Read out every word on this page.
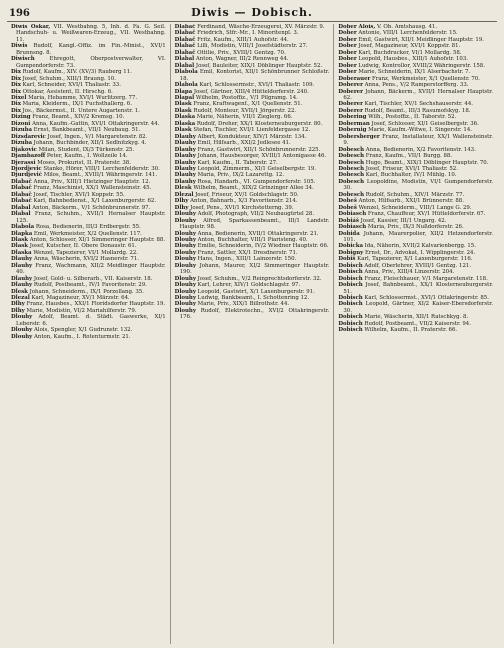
196	Diwis — Dobisch.

Diwis Oskar, VII. Westbahng. 5, Inh. d. Fa. G. Seil. Handschuh- u. Weißwaren-Erzeug., VII. Westbahng. 11.

Diwis Rudolf, Kangl.-Offiz. im Fin.-Minist., XVI/1 Brunnsng. 8.

Diwisch Ehregott, Oberpostverwalter, VI. Gumpendorferstr. 73.

Dix Rudolf, Kaufm., XIV. (XV/3) Rauberg 11.

Dix Josef, Schuhm., XIII/1 Braung. 10.

Dix Karl, Schneider, XVI/1 Thaliastr. 33.

Dix Ottokar, Assistent, II. Hirschg. 6.

Dixel Maria, Hebamme, XVI/1 Wurlitzerg. 77.

Dix Maria, Kleiderm., IX/1 Fuchsthallerg. 6.

Dix Jos., Bäckermst., II. Untere Augartenstr. 1.

Dizing Franz, Beamt., XIV/2 Kremsg. 10.

Dizoni Anna, Kaufm.-Gattin, XVI/1 Ottakringerstr. 44.

Dizuba Ernst, Bankbeamt., VII/1 Neubaug. 51.

Dizsdarevic Josef, Ingen., V/1 Margaretenstr. 82.

Dizuba Johann, Buchbinder, XII/1 Sedlnitzkyg. 4.

Djakovic Milan, Student, IX/3 Türkenstr. 25.

Djambazoff Peter, Kaufm., I. Wollzeile 14.

Djerassi Moses, Prokurist, II. Praterstr. 38.

Djordjevic Stanko, Hörer, VIII/1 Lerchenfelderstr. 30.

Djurdjević Milos, Beamt., XVIII/1 Währingerstr. 141.

Dlabač Anna, Priv., XIII/1 Hietzinger Hauptstr. 12.

Dlabač Franz, Maschinist, XX/1 Wallensteinstr. 45.

Dlabač Josef, Tischler, XVI/1 Koppstr. 55.

Dlabač Karl, Bahnbedienst., X/1 Laxenburgerstr. 62.

Dlabal Anton, Bäckerm., V/1 Schönbrunnerstr. 97.

Dlabal Franz, Schuhm., XVII/1 Hernalser Hauptstr. 125.

Dlabola Rosa, Bedienerin, III/3 Erdbergstr. 55.

Dlapka Emil, Werkmeister, X/2 Quellenstr. 117.

Dlask Anton, Schlosser, XI/1 Simmeringer Hauptstr. 88.

Dlask Josef, Kutscher, II. Obere Donaustr. 61.

Dlaska Wenzel, Tapezierer, VI/1 Mollardg. 22.

Dlauhy Anna, Wäscherin, XVI/2 Hasnerstr. 71.

Dlauhy Franz, Wachmann, XII/2 Meidlinger Hauptstr. 40.

Dlauhy Josef, Gold- u. Silberarb., VII. Kaiserstr. 18.

Dlauhy Rudolf, Postbeamt., IV/1 Favoritenstr. 29.

Dlesk Johann, Schneiderm., IX/1 Porzellang. 35.

Dlezal Karl, Magazineur, XV/1 Märzstr. 64.

Dlhy Franz, Hausbes., XXI/1 Floridsdorfer Hauptstr. 19.

Dlhy Marie, Modistin, VI/2 Mariahilferstr. 79.

Dlouhy Adolf, Beamt. d. Städt. Gaswerke, XI/1 Leberstr. 6.

Dlouhy Alois, Spengler, X/1 Gudrunstr. 132.

Dlouhy Anton, Kaufm., I. Rotenturmstr. 21.

Dlabač Ferdinand, Wäsche-Erzeugerei, XV. Märzstr. 9.

Dlabač Friedrich, Stfr.-Mr., I. Minoritenpl. 3.

Dlabač Fritz, Kaufm., XIII/1 Auhofstr. 44.

Dlabač Lilli, Modistin, VIII/1 Josefstädterstr. 27.

Dlabač Ottilie, Priv., XVIII/1 Gentzg. 70.

Dlabal Anton, Wagner, III/2 Rennweg 44.

Dlabal Josef, Bauleiter, XIX/1 Döblinger Hauptstr. 52.

Dlabola Emil, Kontorist, XII/1 Schönbrunner Schloßstr. 18.

Dlabola Karl, Schlossermstr., XVI/1 Thaliastr. 109.

Dlapa Josef, Gärtner, XIII/4 Hütteldorferstr. 240.

Dlapal Wilhelm, Postoffiz., V/1 Pilgramg. 14.

Dlask Franz, Kraftwagenf., X/1 Quellenstr. 51.

Dlask Rudolf, Monteur, XVII/1 Jörgerstr. 22.

Dlaska Marie, Näherin, VII/1 Zieglerg. 66.

Dlaska Rudolf, Dreher, XX/1 Klosterneuburgerstr. 80.

Dlask Stefan, Tischler, XVI/1 Lienfeldergasse 12.

Dlauhy Albert, Kondukteur, XIV/1 Märzstr. 134.

Dlauhy Emil, Hilfsarb., XXI/2 Jedlesee 41.

Dlauhy Franz, Gastwirt, XII/1 Schönbrunnerstr. 225.

Dlauhy Johann, Hausbesorger, XVIII/1 Antonigasse 46.

Dlauhy Karl, Kaufm., II. Taborstr. 27.

Dlauhy Leopold, Zimmerm., XI/1 Geiselbergstr. 19.

Dlauhy Maria, Priv., IX/2 Lazarettg. 12.

Dlauhy Rosa, Handarb., VI. Gumpendorferstr. 105.

Dlesk Wilhelm, Beamt., XIX/2 Grinzinger Allee 34.

Dlezal Josef, Friseur, XV/1 Goldschlagstr. 50.

Dlhy Anton, Bahnarb., X/3 Favoritenstr. 214.

Dlhy Josef, Pens., XVI/1 Kirchstetterng. 39.

Dlouhy Adolf, Photograph, VII/2 Neubaugürtel 28.

Dlouhy Alfred, Sparkassenbeamt., III/1 Landstr. Hauptstr. 98.

Dlouhy Anna, Bedienerin, XVII/1 Ottakringerstr. 21.

Dlouhy Anton, Buchhalter, VIII/1 Piaristeng. 40.

Dlouhy Emilie, Schneiderin, IV/2 Wiedner Hauptstr. 66.

Dlouhy Franz, Sattler, XX/1 Dresdnerstr. 71.

Dlouhy Hans, Ingen., XIII/1 Lainzerstr. 150.

Dlouhy Johann, Maurer, XI/2 Simmeringer Hauptstr. 190.

Dlouhy Josef, Schuhm., V/2 Reinprechtsdorferstr. 32.

Dlouhy Karl, Lehrer, XIV/1 Goldschlagstr. 97.

Dlouhy Leopold, Gastwirt, X/1 Laxenburgerstr. 91.

Dlouhy Ludwig, Bankbeamt., I. Schottenring 12.

Dlouhy Marie, Priv., XIX/1 Billrothstr. 44.

Dlouhy Rudolf, Elektrotechn., XVI/2 Ottakringerstr. 176.

Dober Alois, V. Ob. Amtshausg. 41.

Dober Antonie, VIII/1 Lerchenfelderstr. 15.

Dober Emil, Gastwirt, XII/1 Meidlinger Hauptstr. 19.

Dober Josef, Magazineur, XVI/1 Koppstr. 81.

Dober Karl, Buchdrucker, VI/1 Mollardg. 58.

Dober Leopold, Hausbes., XIII/1 Auhofstr. 103.

Dober Ludwig, Kontrollor, XVIII/2 Währingerstr. 158.

Dober Marie, Schneiderin, IX/1 Alserbachstr. 7.

Doberauer Franz, Werkmeister, X/1 Quellenstr. 70.

Doberer Anna, Pens., V/2 Ramperstorfferg. 33.

Doberer Johann, Bäckerm., XVII/1 Hernalser Hauptstr. 62.

Doberer Karl, Tischler, XV/1 Sechshauserstr. 44.

Doberer Rudolf, Beamt., III/3 Rasumofskyg. 18.

Dobering Wilh., Postoffiz., II. Taborstr. 52.

Doberman Josef, Schlosser, XI/1 Geiselbergstr. 36.

Dobernig Marie, Kaufm.-Witwe, I. Singerstr. 14.

Dobersberger Franz, Installateur, XX/1 Wallensteinstr. 9.

Dobesch Anna, Bedienerin, X/2 Favoritenstr. 143.

Dobesch Franz, Kaufm., VII/1 Burgg. 88.

Dobesch Hugo, Beamt., XIX/1 Döblinger Hauptstr. 70.

Dobesch Josef, Friseur, XVI/1 Thaliastr. 52.

Dobesch Karl, Buchhalter, IV/1 Mühlg. 10.

Dobesch Leopoldine, Modistin, VI/1 Gumpendorferstr. 30.

Dobesch Rudolf, Schuhm., XIV/1 Märzstr. 77.

Dobeš Anton, Hilfsarb., XXI/1 Brünnerstr. 88.

Dobeš Wenzel, Schneiderm., VIII/1 Lange G. 29.

Dobiasch Franz, Chauffeur, XV/1 Hütteldorferstr. 67.

Dobiáš Josef, Kassier, III/1 Ungarg. 42.

Dobiasch Maria, Priv., IX/3 Nußdorferstr. 26.

Dobida Johann, Maurerpolier, XII/2 Hetzendorferstr. 101.

Dobicka Ida, Näherin, XVII/2 Kalvarienbergg. 15.

Dobigny Ernst, Dr., Advokat, I. Wipplingerstr. 24.

Dobiš Karl, Tapezierer, X/1 Laxenburgerstr. 116.

Dobisch Adolf, Oberlehrer, XVIII/1 Gentzg. 121.

Dobisch Anna, Priv., XIII/4 Linzerstr. 204.

Dobisch Franz, Fleischhauer, V/1 Margaretenstr. 118.

Dobisch Josef, Bahnbeamt., XX/1 Klosterneuburgerstr. 51.

Dobisch Karl, Schlossermst., XVI/1 Ottakringerstr. 85.

Dobisch Leopold, Gärtner, XI/2 Kaiser-Ebersdorferstr. 30.

Dobisch Marie, Wäscherin, XII/1 Ratschkyg. 8.

Dobisch Rudolf, Postbeamt., VII/2 Kaiserstr. 94.

Dobisch Wilhelm, Kaufm., II. Praterstr. 66.
